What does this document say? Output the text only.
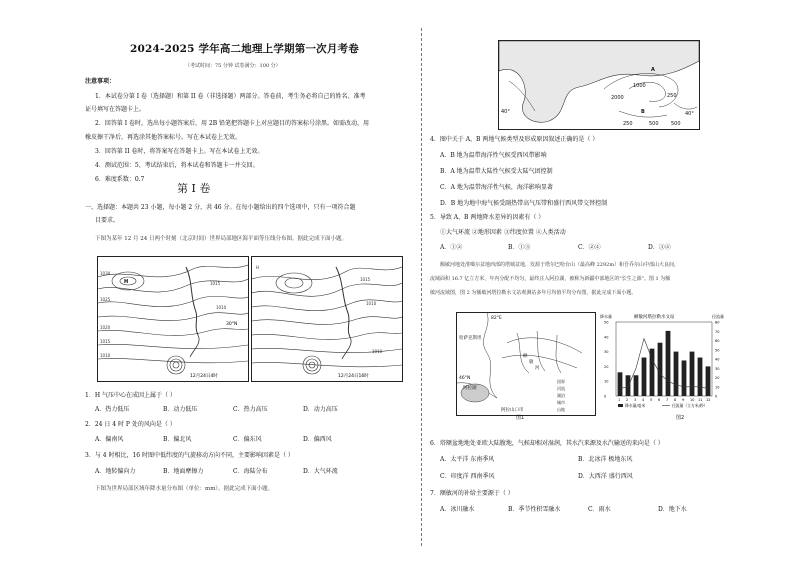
2024-2025 学年高二地理上学期第一次月考卷
（考试时间：75 分钟 试卷满分：100 分）
注意事项：
1．本试卷分第 I 卷（选择题）和第 II 卷（非选择题）两部分。答卷前，考生务必将自己的姓名、准考
证号填写在答题卡上。
2．回答第 I 卷时，选出每小题答案后，用 2B 铅笔把答题卡上对应题目的答案标号涂黑。如需改动，用
橡皮擦干净后，再选涂其他答案标号。写在本试卷上无效。
3．回答第 II 卷时，将答案写在答题卡上。写在本试卷上无效。
4．测试范围：5、考试结束后，将本试卷和答题卡一并交回。
6．难度系数：0.7
第 I 卷
一、选择题：本题共 23 小题，每小题 2 分，共 46 分。在每小题给出的四个选项中，只有一项符合题
目要求。
下图为某年 12 月 24 日两个时刻（北京时间）世界局部地区海平面等压线分布图。据此完成下面小题。
1030
1025
1020
1015
1010
1015
1010
30°N
H
12月24日4时
H
1015
1010
1010
12月24日16时
1．H 气压中心在成因上属于（ ）
A．热力低压	B．动力低压	C．热力高压	D．动力高压
2．24 日 4 时 P 处的风向是（ ）
A．偏南风	B．偏北风	C．偏东风	D．偏西风
3．与 4 时相比，16 时图中低纬度的气旋移动方向不同，主要影响因素是（ ）
A．地转偏向力	B．地面摩擦力	C．海陆分布	D．大气环流
下图为世界局部区域年降水量分布图（单位：mm）。据此完成下面小题。
1000
2000	250
500 500
250
40°	40°
A
B
4．图中关于 A、B 两地气候类型及形成原因叙述正确的是（ ）
A．B 地为温带海洋性气候受西风带影响
B．A 地为温带大陆性气候受大陆气团控制
C．A 地为温带海洋性气候，海洋影响显著
D．B 地为地中海气候受副热带高气压带和盛行西风带交替控制
5．导致 A、B 两地降水差异的因素有（ ）
①大气环流 ②地形因素 ③纬度位置 ④人类活动
A．①②	B．①③	C．②④	D．③④
额敏河地处准噶尔盆地西部的塔城盆地，发源于塔尔巴哈台山（最高峰 2292m）和吾乔尔山中部山大良间，
流域面积 16.7 亿立方米，年内分配不均匀，最终注入阿拉湖，被称为新疆中部地区的"长生之源"。图 1 为额
敏河流域图，图 2 为额敏河塔拉勒水文站观测站多年月均值平均分布图，据此完成下面小题。
82°E
哈萨克斯坦
阿拉湖
46°N
阿拉山口市
额
敏
河
国界
河流
湖泊
城市
山地
图1
额敏河塔拉勒水文站
降水量	径流量
1 2 3 4 5 6 7 8 9 10 11 12
0
10
20
30
40
50
0
10
20
30
40
50
60
70
80
降水量/毫米	径流量（立方米/秒）
图2
6．塔额盆地地处亚欧大陆腹地，气候却相对湿润，其水汽来源及水汽输送的来向是（ ）
A．太平洋 东南季风	B．北冰洋 极地东风
C．印度洋 西南季风	D．大西洋 盛行西风
7．额敏河的补给主要源于（ ）
A．冰川融水	B．季节性积雪融水	C．雨水	D．地下水
